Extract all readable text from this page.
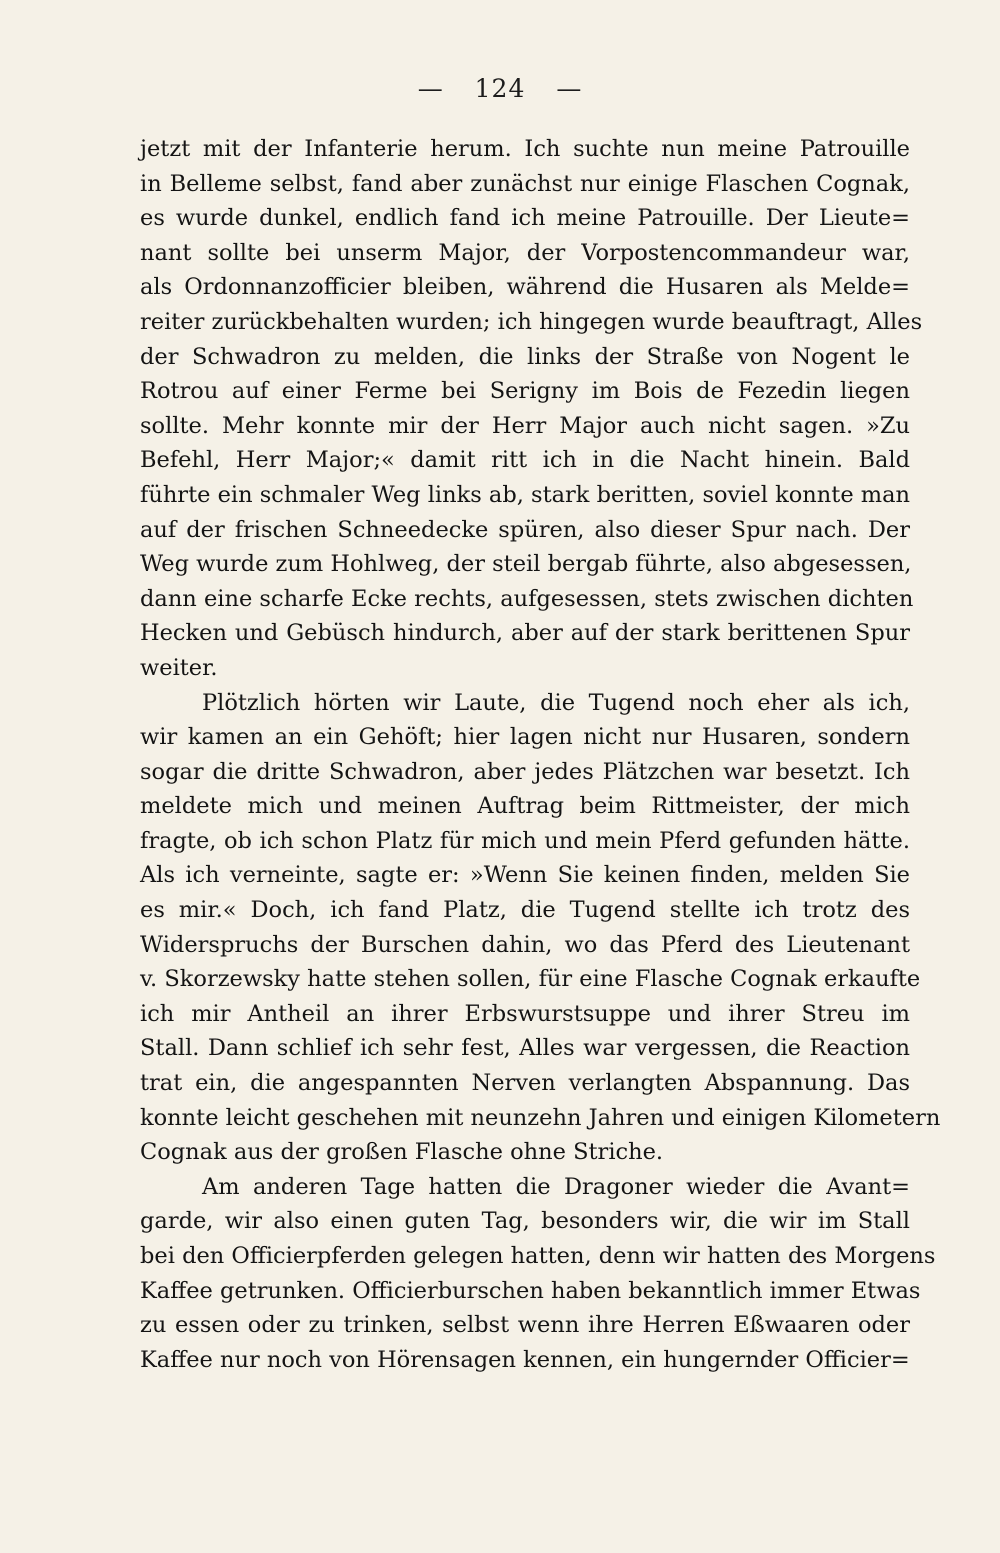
— 124 —
jetzt mit der Infanterie herum. Ich suchte nun meine Patrouille
in Belleme selbst, fand aber zunächst nur einige Flaschen Cognak,
es wurde dunkel, endlich fand ich meine Patrouille. Der Lieute=
nant sollte bei unserm Major, der Vorpostencommandeur war,
als Ordonnanzofficier bleiben, während die Husaren als Melde=
reiter zurückbehalten wurden; ich hingegen wurde beauftragt, Alles
der Schwadron zu melden, die links der Straße von Nogent le
Rotrou auf einer Ferme bei Serigny im Bois de Fezedin liegen
sollte. Mehr konnte mir der Herr Major auch nicht sagen. »Zu
Befehl, Herr Major;« damit ritt ich in die Nacht hinein. Bald
führte ein schmaler Weg links ab, stark beritten, soviel konnte man
auf der frischen Schneedecke spüren, also dieser Spur nach. Der
Weg wurde zum Hohlweg, der steil bergab führte, also abgesessen,
dann eine scharfe Ecke rechts, aufgesessen, stets zwischen dichten
Hecken und Gebüsch hindurch, aber auf der stark berittenen Spur
weiter.
Plötzlich hörten wir Laute, die Tugend noch eher als ich,
wir kamen an ein Gehöft; hier lagen nicht nur Husaren, sondern
sogar die dritte Schwadron, aber jedes Plätzchen war besetzt. Ich
meldete mich und meinen Auftrag beim Rittmeister, der mich
fragte, ob ich schon Platz für mich und mein Pferd gefunden hätte.
Als ich verneinte, sagte er: »Wenn Sie keinen finden, melden Sie
es mir.« Doch, ich fand Platz, die Tugend stellte ich trotz des
Widerspruchs der Burschen dahin, wo das Pferd des Lieutenant
v. Skorzewsky hatte stehen sollen, für eine Flasche Cognak erkaufte
ich mir Antheil an ihrer Erbswurstsuppe und ihrer Streu im
Stall. Dann schlief ich sehr fest, Alles war vergessen, die Reaction
trat ein, die angespannten Nerven verlangten Abspannung. Das
konnte leicht geschehen mit neunzehn Jahren und einigen Kilometern
Cognak aus der großen Flasche ohne Striche.
Am anderen Tage hatten die Dragoner wieder die Avant=
garde, wir also einen guten Tag, besonders wir, die wir im Stall
bei den Officierpferden gelegen hatten, denn wir hatten des Morgens
Kaffee getrunken. Officierburschen haben bekanntlich immer Etwas
zu essen oder zu trinken, selbst wenn ihre Herren Eßwaaren oder
Kaffee nur noch von Hörensagen kennen, ein hungernder Officier=
